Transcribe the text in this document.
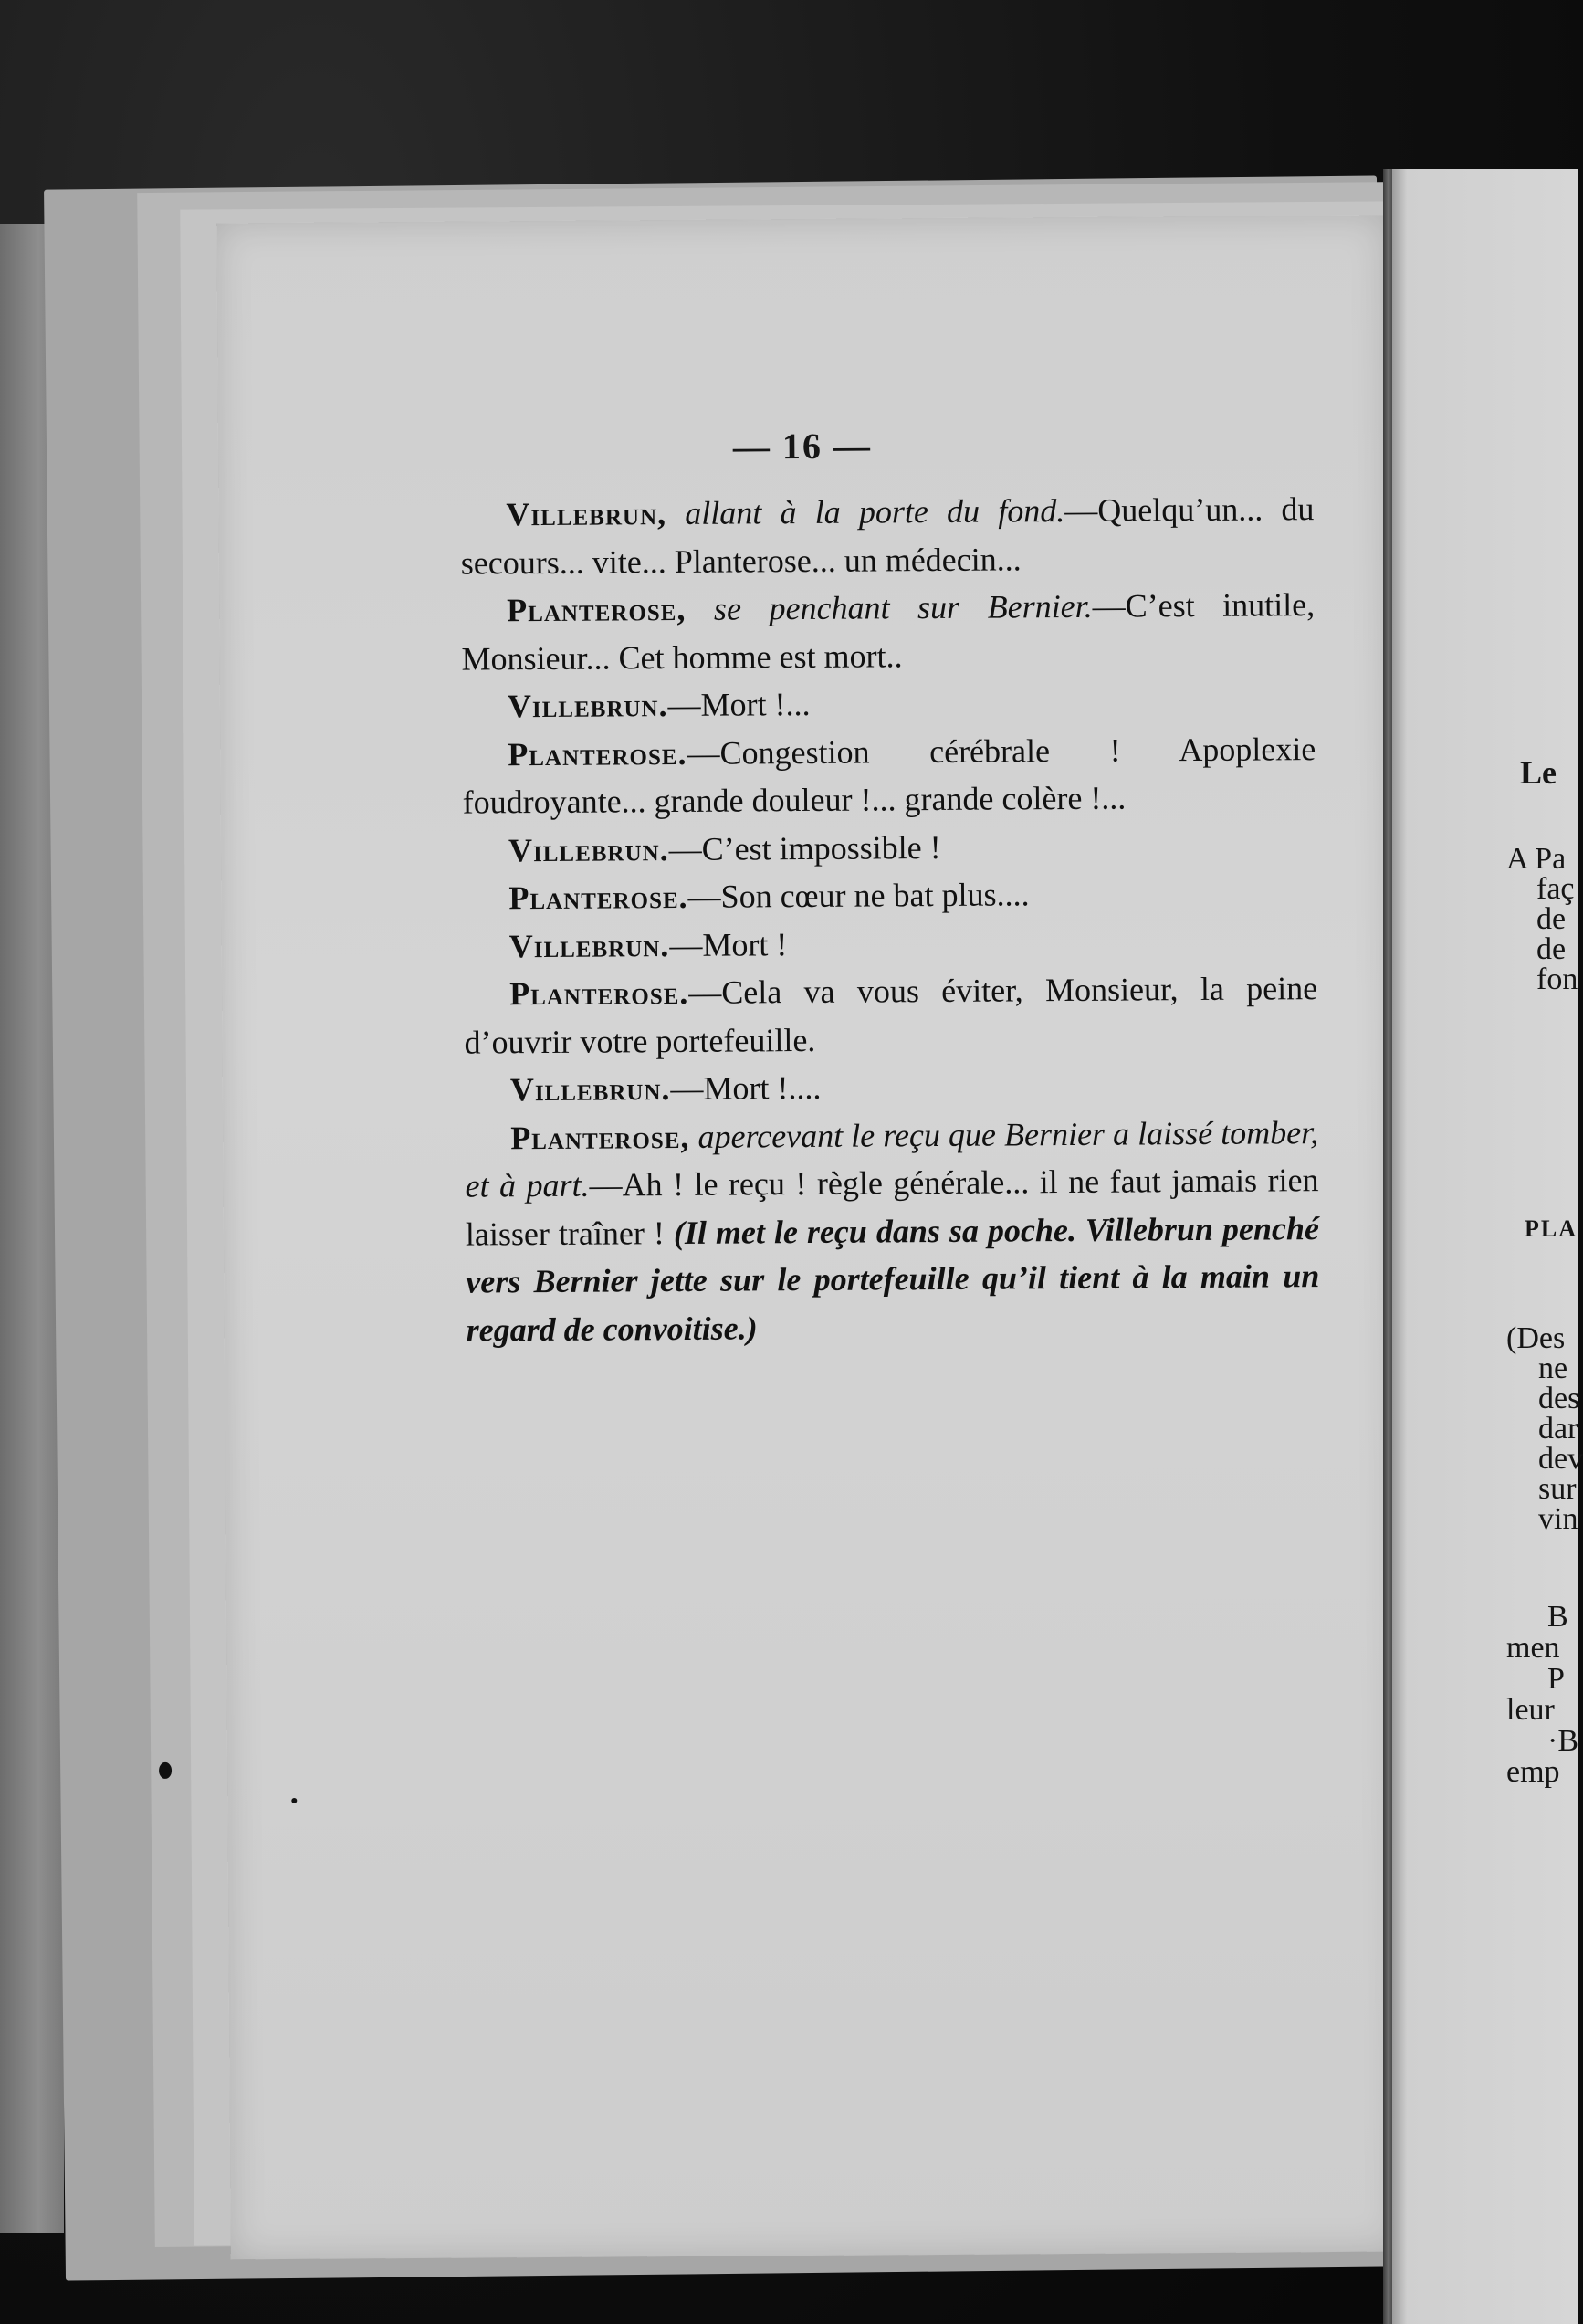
— 16 —

Villebrun, allant à la porte du fond.—Quelqu’un... du secours... vite... Planterose... un médecin...

Planterose, se penchant sur Bernier.—C’est inutile, Monsieur... Cet homme est mort..

Villebrun.—Mort !...

Planterose.—Congestion cérébrale ! Apoplexie foudroyante... grande douleur !... grande colère !...

Villebrun.—C’est impossible !

Planterose.—Son cœur ne bat plus....

Villebrun.—Mort !

Planterose.—Cela va vous éviter, Monsieur, la peine d’ouvrir votre portefeuille.

Villebrun.—Mort !....

Planterose, apercevant le reçu que Bernier a laissé tomber, et à part.—Ah ! le reçu ! règle générale... il ne faut jamais rien laisser traîner ! (Il met le reçu dans sa poche. Villebrun penché vers Bernier jette sur le portefeuille qu’il tient à la main un regard de convoitise.)

Le
A Pa
faç
de
de
fon
PLA
(Des
ne
des
dar
dev
sur
vin
B
men
P
leur
·B
emp
